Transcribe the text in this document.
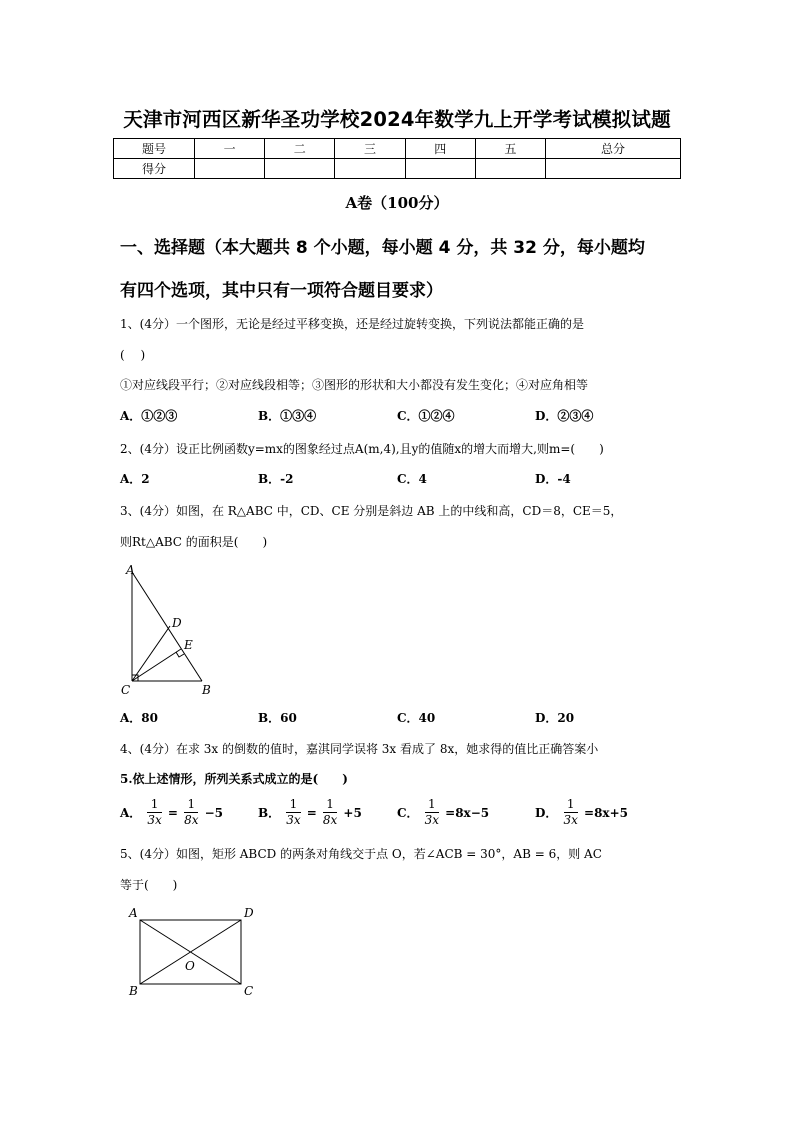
天津市河西区新华圣功学校2024年数学九上开学考试模拟试题
题号	一	二	三	四	五	总分
得分						
A卷（100分）
一、选择题（本大题共 8 个小题，每小题 4 分，共 32 分，每小题均
有四个选项，其中只有一项符合题目要求）
1、(4分）一个图形，无论是经过平移变换，还是经过旋转变换，下列说法都能正确的是
(　 )
①对应线段平行；②对应线段相等；③图形的形状和大小都没有发生变化；④对应角相等
A．①②③	B．①③④	C．①②④	D．②③④
2、(4分）设正比例函数y=mx的图象经过点A(m,4),且y的值随x的增大而增大,则m=(　　)
A．2	B．-2	C．4	D．-4
3、(4分）如图，在 R△ABC 中，CD、CE 分别是斜边 AB 上的中线和高，CD＝8，CE＝5，
则Rt△ABC 的面积是(　　)
A
D
E
C	B
A．80	B．60	C．40	D．20
4、(4分）在求 3x 的倒数的值时，嘉淇同学误将 3x 看成了 8x，她求得的值比正确答案小
5.依上述情形，所列关系式成立的是(　　)
A． $\frac{1}{3x} = \frac{1}{8x} -5$	B． $\frac{1}{3x} = \frac{1}{8x} +5$	C． $\frac{1}{3x} =8x-5$	D． $\frac{1}{3x} =8x+5$
5、(4分）如图，矩形 ABCD 的两条对角线交于点 O，若∠ACB = 30°，AB = 6，则 AC
等于(　　)
A	D
O
B	C
